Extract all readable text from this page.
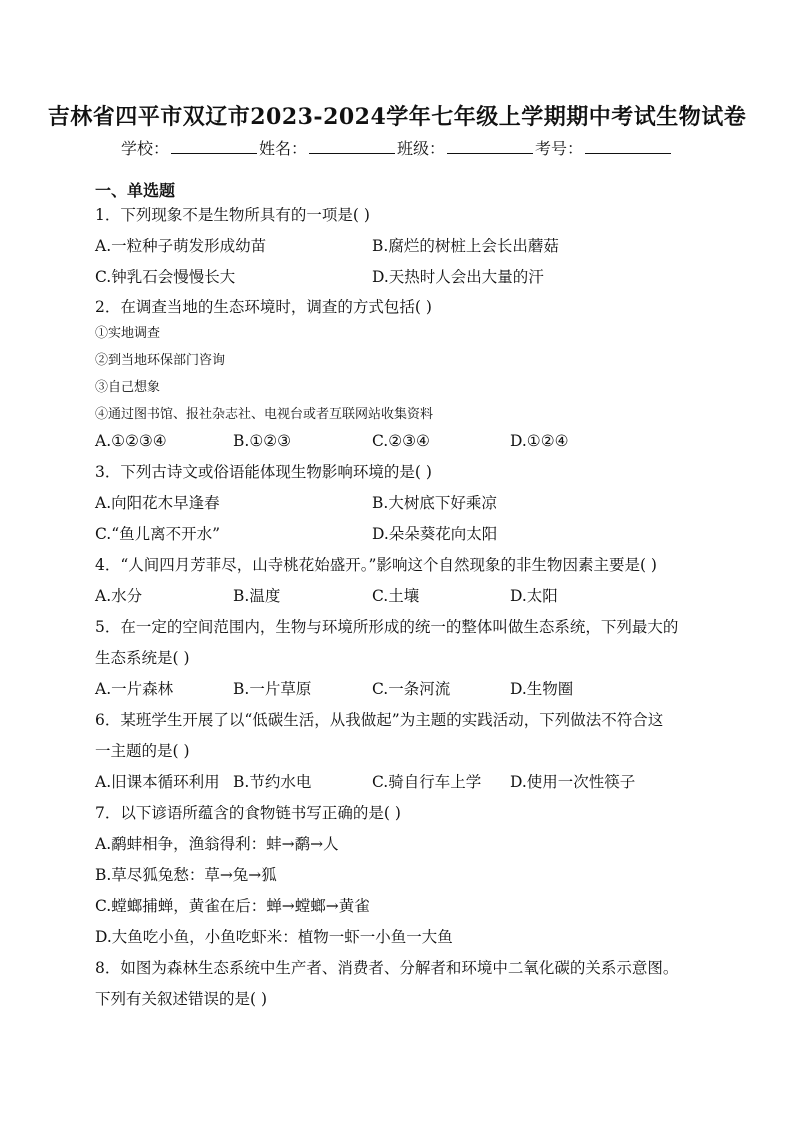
吉林省四平市双辽市2023-2024学年七年级上学期期中考试生物试卷
学校：	姓名：	班级：	考号：
一、单选题
1．下列现象不是生物所具有的一项是( )
A.一粒种子萌发形成幼苗	B.腐烂的树桩上会长出蘑菇
C.钟乳石会慢慢长大	D.天热时人会出大量的汗
2．在调查当地的生态环境时，调查的方式包括( )
①实地调查
②到当地环保部门咨询
③自己想象
④通过图书馆、报社杂志社、电视台或者互联网站收集资料
A.①②③④	B.①②③	C.②③④	D.①②④
3．下列古诗文或俗语能体现生物影响环境的是( )
A.向阳花木早逢春	B.大树底下好乘凉
C.“鱼儿离不开水”	D.朵朵葵花向太阳
4．“人间四月芳菲尽，山寺桃花始盛开。”影响这个自然现象的非生物因素主要是( )
A.水分	B.温度	C.土壤	D.太阳
5．在一定的空间范围内，生物与环境所形成的统一的整体叫做生态系统，下列最大的
生态系统是( )
A.一片森林	B.一片草原	C.一条河流	D.生物圈
6．某班学生开展了以“低碳生活，从我做起”为主题的实践活动，下列做法不符合这
一主题的是( )
A.旧课本循环利用 B.节约水电	C.骑自行车上学 D.使用一次性筷子
7．以下谚语所蕴含的食物链书写正确的是( )
A.鹬蚌相争，渔翁得利：蚌→鹬→人
B.草尽狐兔愁：草→兔→狐
C.螳螂捕蝉，黄雀在后：蝉→螳螂→黄雀
D.大鱼吃小鱼，小鱼吃虾米：植物一虾一小鱼一大鱼
8．如图为森林生态系统中生产者、消费者、分解者和环境中二氧化碳的关系示意图。
下列有关叙述错误的是( )
